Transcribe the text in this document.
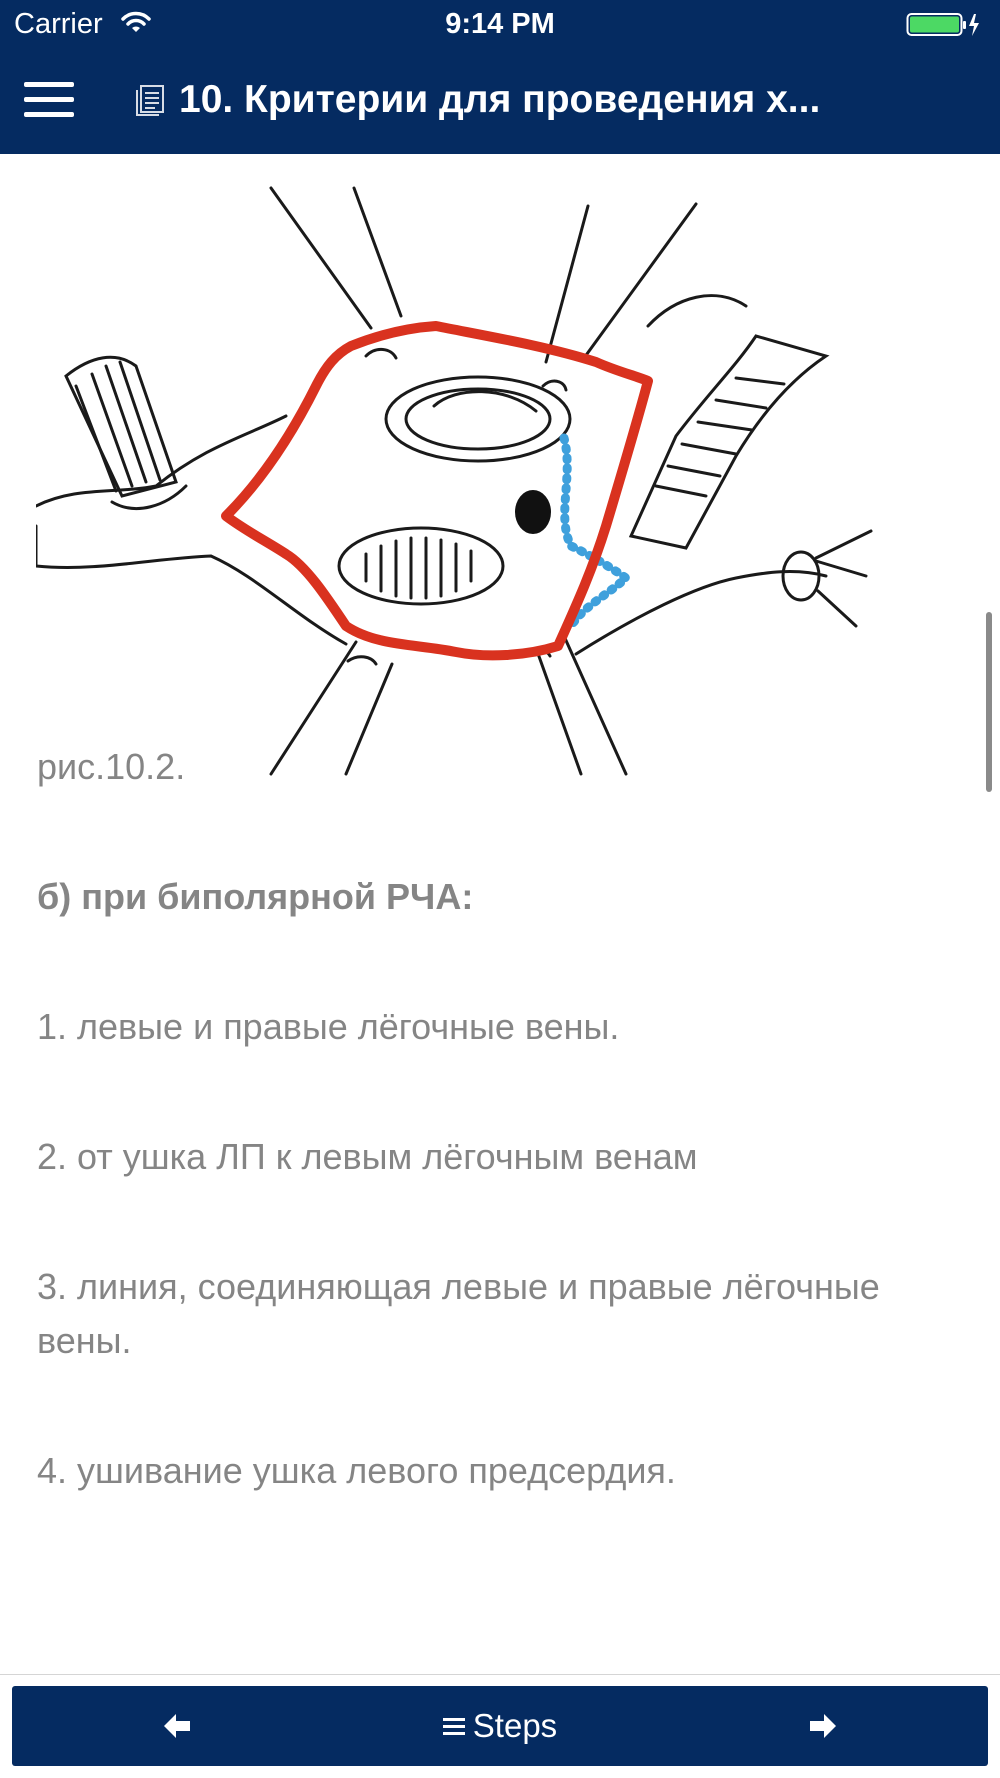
Carrier	9:14 PM
10. Критерии для проведения х...
рис.10.2.
б) при биполярной РЧА:
1. левые и правые лёгочные вены.
2. от ушка ЛП к левым лёгочным венам
3. линия, соединяющая левые и правые лёгочные вены.
4. ушивание ушка левого предсердия.
Steps
